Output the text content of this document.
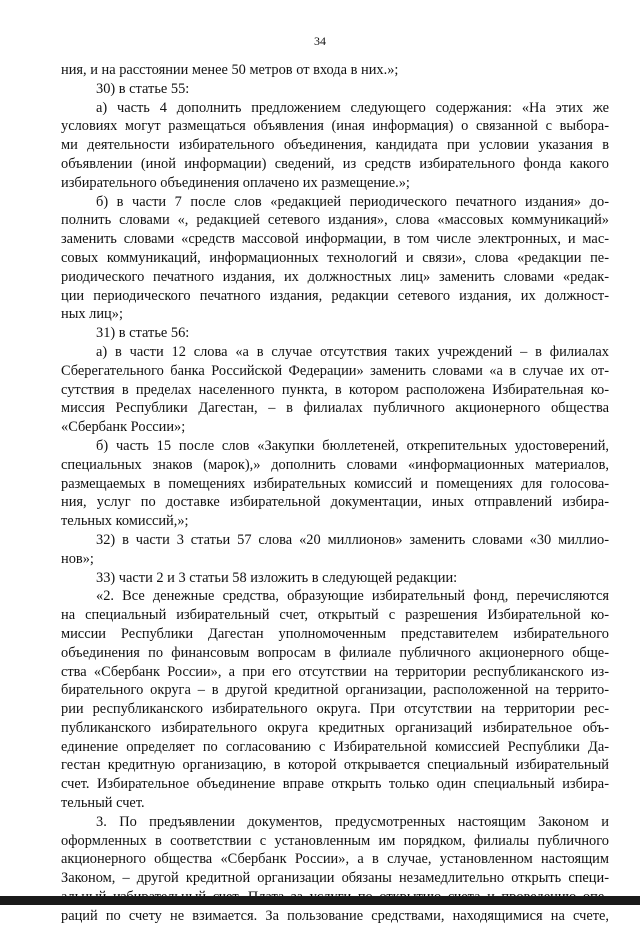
34
ния, и на расстоянии менее 50 метров от входа в них.»;
30) в статье 55:
а) часть 4 дополнить предложением следующего содержания: «На этих же
условиях могут размещаться объявления (иная информация) о связанной с выбора-
ми деятельности избирательного объединения, кандидата при условии указания в
объявлении (иной информации) сведений, из средств избирательного фонда какого
избирательного объединения оплачено их размещение.»;
б) в части 7 после слов «редакцией периодического печатного издания» до-
полнить словами «, редакцией сетевого издания», слова «массовых коммуникаций»
заменить словами «средств массовой информации, в том числе электронных, и мас-
совых коммуникаций, информационных технологий и связи», слова «редакции пе-
риодического печатного издания, их должностных лиц» заменить словами «редак-
ции периодического печатного издания, редакции сетевого издания, их должност-
ных лиц»;
31) в статье 56:
а) в части 12 слова «а в случае отсутствия таких учреждений – в филиалах
Сберегательного банка Российской Федерации» заменить словами «а в случае их от-
сутствия в пределах населенного пункта, в котором расположена Избирательная ко-
миссия Республики Дагестан, – в филиалах публичного акционерного общества
«Сбербанк России»;
б) часть 15 после слов «Закупки бюллетеней, открепительных удостоверений,
специальных знаков (марок),» дополнить словами «информационных материалов,
размещаемых в помещениях избирательных комиссий и помещениях для голосова-
ния, услуг по доставке избирательной документации, иных отправлений избира-
тельных комиссий,»;
32) в части 3 статьи 57 слова «20 миллионов» заменить словами «30 миллио-
нов»;
33) части 2 и 3 статьи 58 изложить в следующей редакции:
«2. Все денежные средства, образующие избирательный фонд, перечисляются
на специальный избирательный счет, открытый с разрешения Избирательной ко-
миссии Республики Дагестан уполномоченным представителем избирательного
объединения по финансовым вопросам в филиале публичного акционерного обще-
ства «Сбербанк России», а при его отсутствии на территории республиканского из-
бирательного округа – в другой кредитной организации, расположенной на террито-
рии республиканского избирательного округа. При отсутствии на территории рес-
публиканского избирательного округа кредитных организаций избирательное объ-
единение определяет по согласованию с Избирательной комиссией Республики Да-
гестан кредитную организацию, в которой открывается специальный избирательный
счет. Избирательное объединение вправе открыть только один специальный избира-
тельный счет.
3. По предъявлении документов, предусмотренных настоящим Законом и
оформленных в соответствии с установленным им порядком, филиалы публичного
акционерного общества «Сбербанк России», а в случае, установленном настоящим
Законом, – другой кредитной организации обязаны незамедлительно открыть специ-
раций по счету не взимается. За пользование средствами, находящимися на счете,
